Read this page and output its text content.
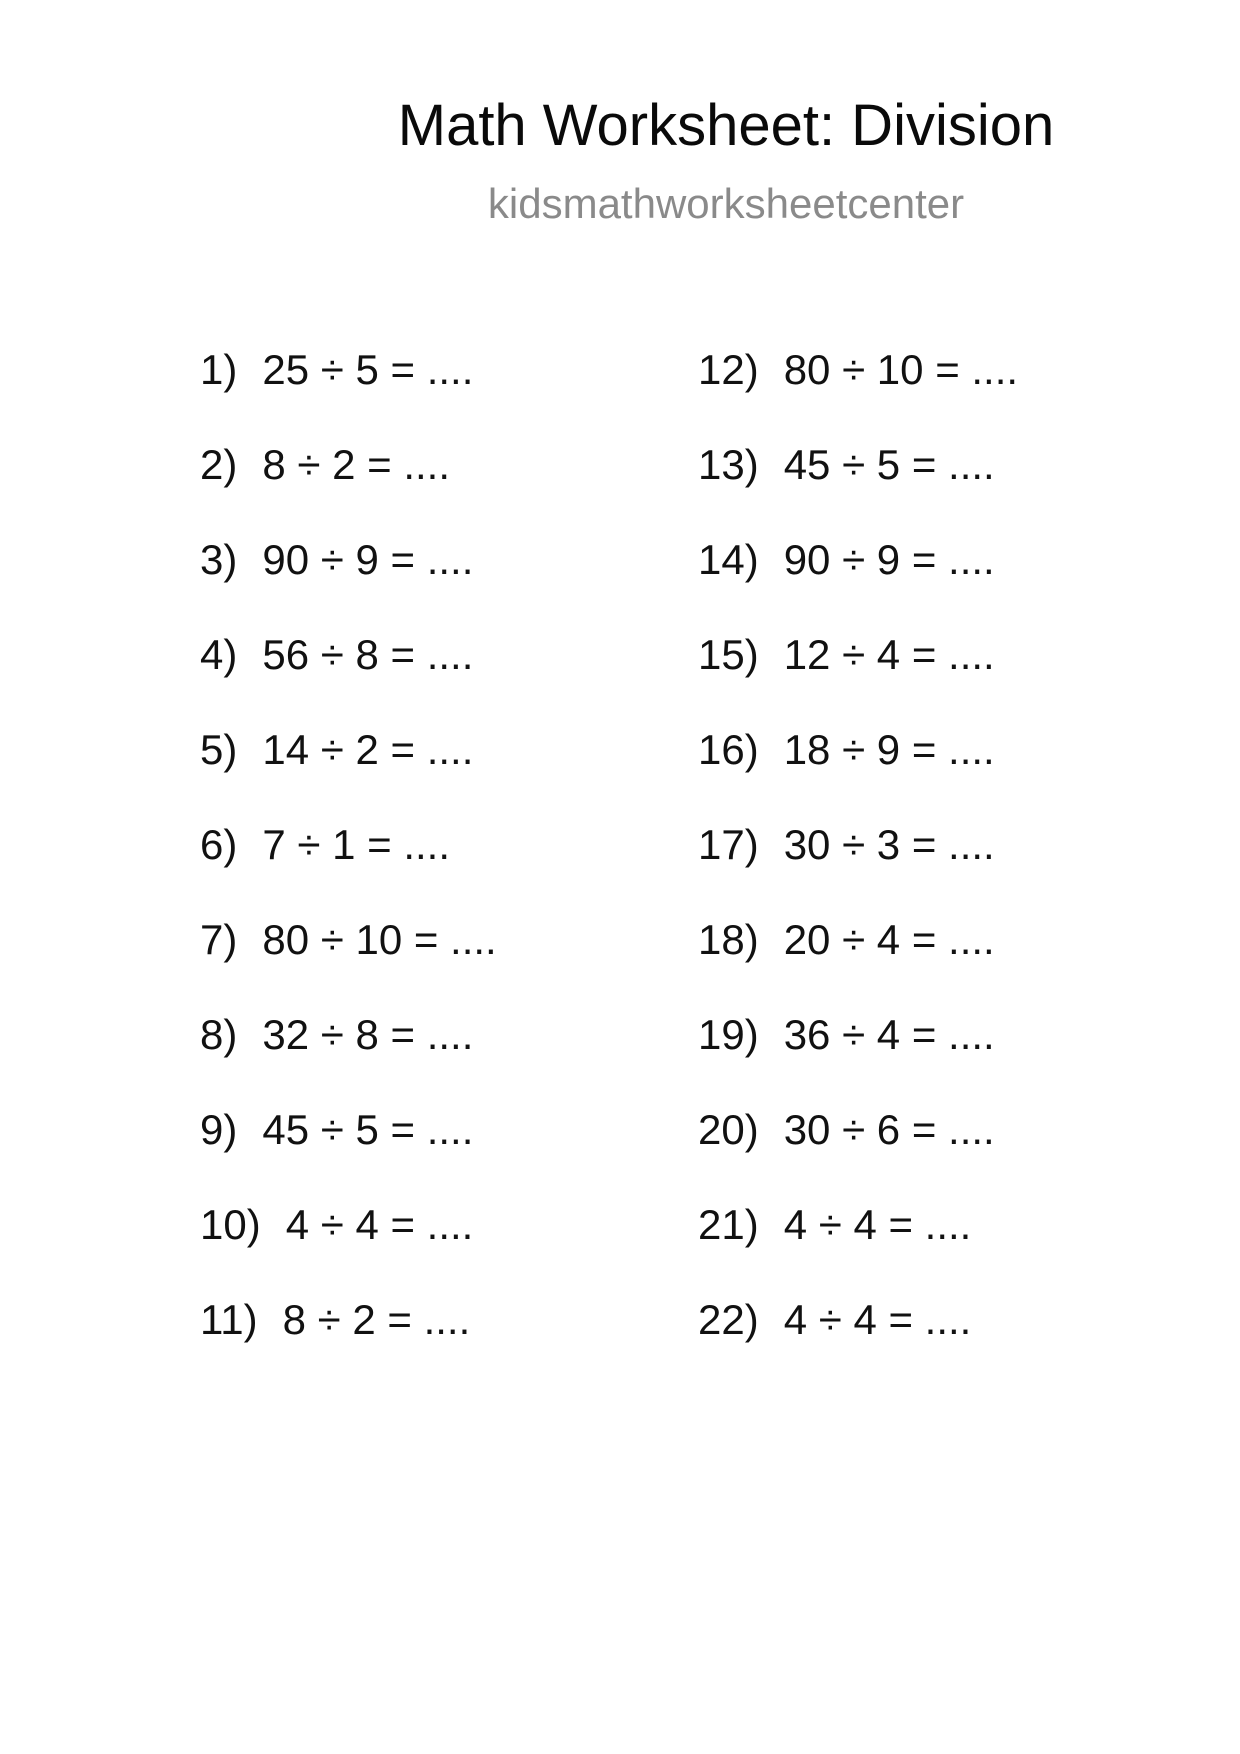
Math Worksheet: Division
kidsmathworksheetcenter
1) 25 ÷ 5 = ....
2) 8 ÷ 2 = ....
3) 90 ÷ 9 = ....
4) 56 ÷ 8 = ....
5) 14 ÷ 2 = ....
6) 7 ÷ 1 = ....
7) 80 ÷ 10 = ....
8) 32 ÷ 8 = ....
9) 45 ÷ 5 = ....
10) 4 ÷ 4 = ....
11) 8 ÷ 2 = ....
12) 80 ÷ 10 = ....
13) 45 ÷ 5 = ....
14) 90 ÷ 9 = ....
15) 12 ÷ 4 = ....
16) 18 ÷ 9 = ....
17) 30 ÷ 3 = ....
18) 20 ÷ 4 = ....
19) 36 ÷ 4 = ....
20) 30 ÷ 6 = ....
21) 4 ÷ 4 = ....
22) 4 ÷ 4 = ....
